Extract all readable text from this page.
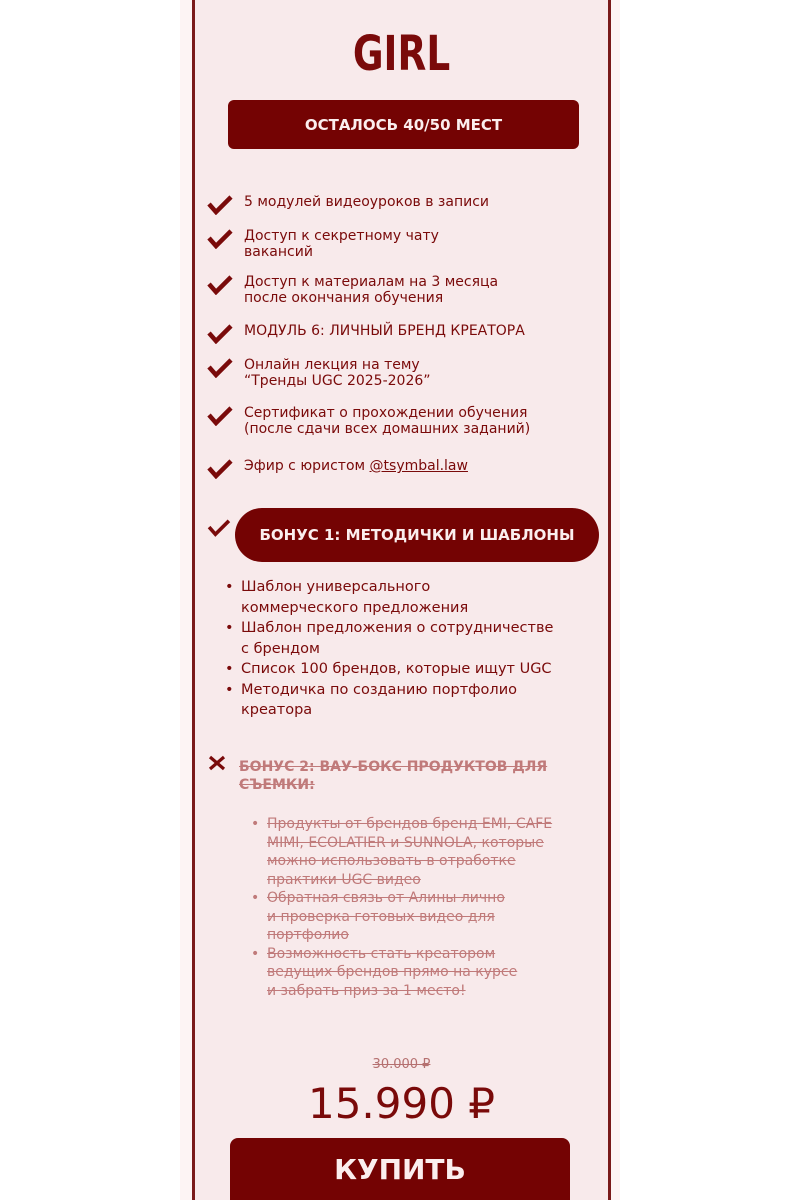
GIRL
ОСТАЛОСЬ 40/50 МЕСТ
5 модулей видеоуроков в записи
Доступ к секретному чату
вакансий
Доступ к материалам на 3 месяца
после окончания обучения
МОДУЛЬ 6: ЛИЧНЫЙ БРЕНД КРЕАТОРА
Онлайн лекция на тему
“Тренды UGC 2025-2026”
Сертификат о прохождении обучения
(после сдачи всех домашних заданий)
Эфир с юристом @tsymbal.law
БОНУС 1: МЕТОДИЧКИ И ШАБЛОНЫ
• Шаблон универсального
коммерческого предложения
• Шаблон предложения о сотрудничестве
с брендом
• Список 100 брендов, которые ищут UGC
• Методичка по созданию портфолио
креатора
БОНУС 2: ВАУ-БОКС ПРОДУКТОВ ДЛЯ
СЪЕМКИ:
• Продукты от брендов бренд EMI, CAFE
MIMI, ECOLATIER и SUNNOLA, которые
можно использовать в отработке
практики UGC видео
• Обратная связь от Алины лично
и проверка готовых видео для
портфолио
• Возможность стать креатором
ведущих брендов прямо на курсе
и забрать приз за 1 место!
30.000 ₽
15.990 ₽
КУПИТЬ
